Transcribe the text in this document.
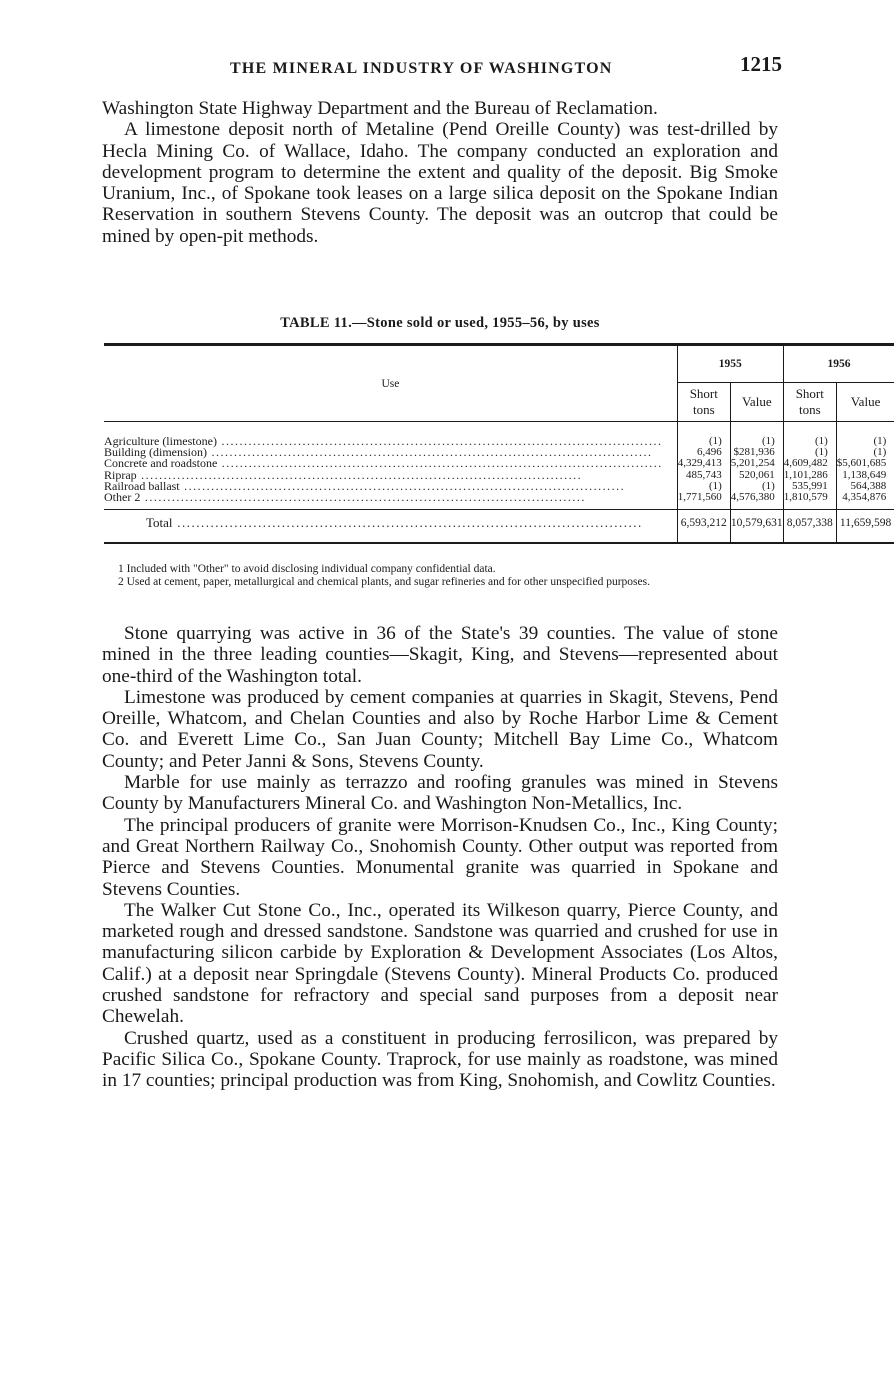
THE MINERAL INDUSTRY OF WASHINGTON	1215

Washington State Highway Department and the Bureau of Reclamation.

A limestone deposit north of Metaline (Pend Oreille County) was test-drilled by Hecla Mining Co. of Wallace, Idaho. The company conducted an exploration and development program to determine the extent and quality of the deposit. Big Smoke Uranium, Inc., of Spokane took leases on a large silica deposit on the Spokane Indian Reservation in southern Stevens County. The deposit was an outcrop that could be mined by open-pit methods.

TABLE 11.—Stone sold or used, 1955–56, by uses
Use	1955		1956	
	Short tons	Value	Short tons	Value

Agriculture (limestone) .....	(1)	(1)	(1)	(1)
Building (dimension) .....	6,496	$281,936	(1)	(1)
Concrete and roadstone .....	4,329,413	5,201,254	4,609,482	$5,601,685
Riprap .....	485,743	520,061	1,101,286	1,138,649
Railroad ballast .....	(1)	(1)	535,991	564,388
Other 2 .....	1,771,560	4,576,380	1,810,579	4,354,876

Total .....	6,593,212	10,579,631	8,057,338	11,659,598

1 Included with "Other" to avoid disclosing individual company confidential data.

2 Used at cement, paper, metallurgical and chemical plants, and sugar refineries and for other unspecified purposes.

Stone quarrying was active in 36 of the State's 39 counties. The value of stone mined in the three leading counties—Skagit, King, and Stevens—represented about one-third of the Washington total.

Limestone was produced by cement companies at quarries in Skagit, Stevens, Pend Oreille, Whatcom, and Chelan Counties and also by Roche Harbor Lime & Cement Co. and Everett Lime Co., San Juan County; Mitchell Bay Lime Co., Whatcom County; and Peter Janni & Sons, Stevens County.

Marble for use mainly as terrazzo and roofing granules was mined in Stevens County by Manufacturers Mineral Co. and Washington Non-Metallics, Inc.

The principal producers of granite were Morrison-Knudsen Co., Inc., King County; and Great Northern Railway Co., Snohomish County. Other output was reported from Pierce and Stevens Counties. Monumental granite was quarried in Spokane and Stevens Counties.

The Walker Cut Stone Co., Inc., operated its Wilkeson quarry, Pierce County, and marketed rough and dressed sandstone. Sandstone was quarried and crushed for use in manufacturing silicon carbide by Exploration & Development Associates (Los Altos, Calif.) at a deposit near Springdale (Stevens County). Mineral Products Co. produced crushed sandstone for refractory and special sand purposes from a deposit near Chewelah.

Crushed quartz, used as a constituent in producing ferrosilicon, was prepared by Pacific Silica Co., Spokane County. Traprock, for use mainly as roadstone, was mined in 17 counties; principal production was from King, Snohomish, and Cowlitz Counties.
